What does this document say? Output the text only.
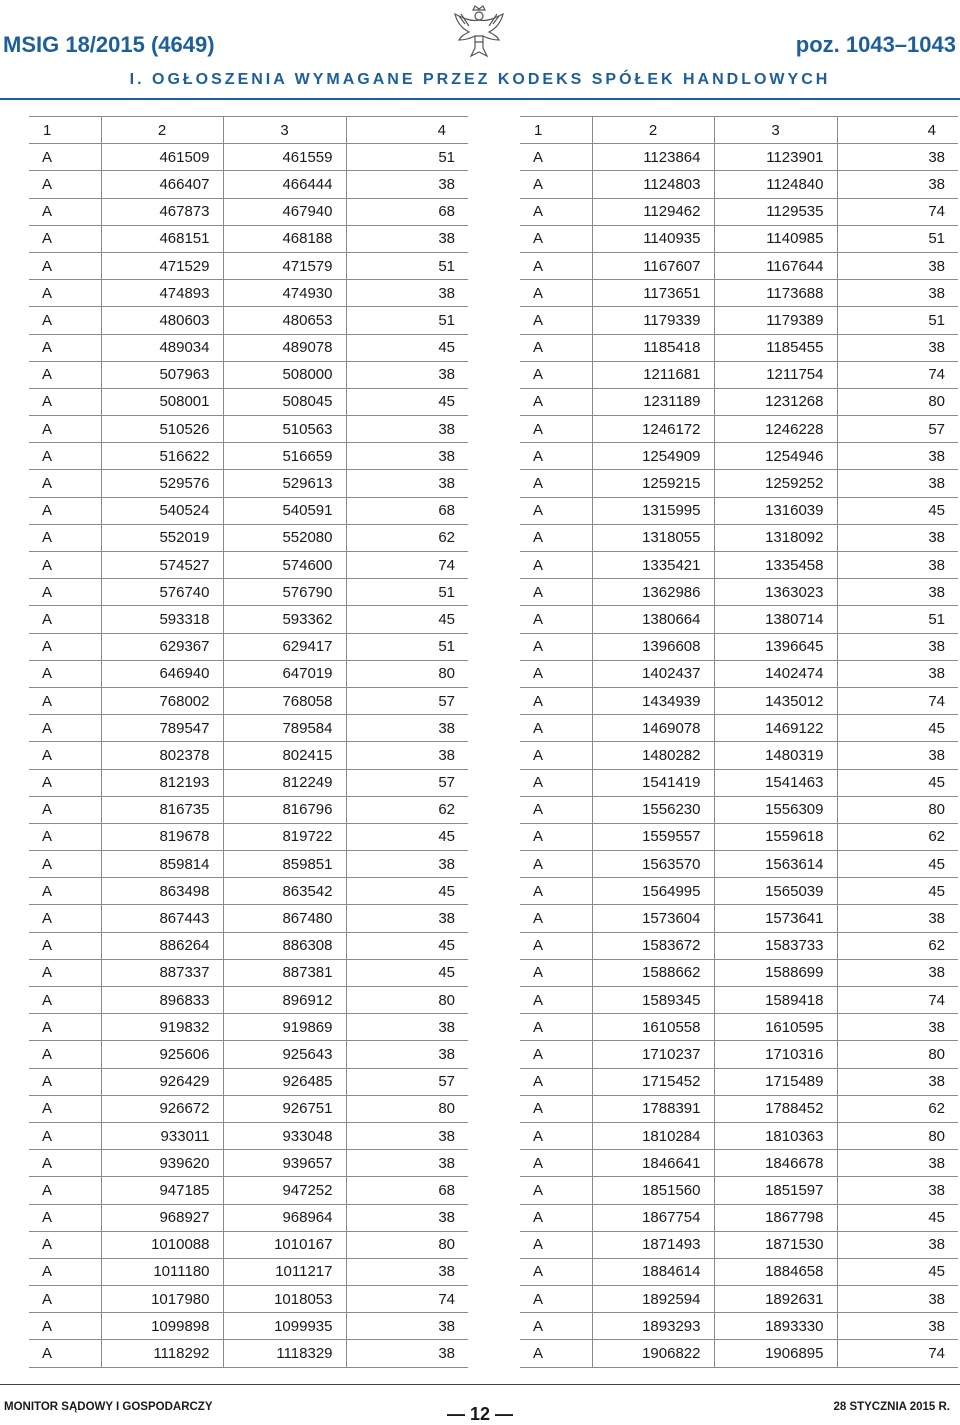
MSIG 18/2015 (4649)	poz. 1043–1043
I. OGŁOSZENIA WYMAGANE PRZEZ KODEKS SPÓŁEK HANDLOWYCH
1	2	3	4
A	461509	461559	51
A	466407	466444	38
A	467873	467940	68
A	468151	468188	38
A	471529	471579	51
A	474893	474930	38
A	480603	480653	51
A	489034	489078	45
A	507963	508000	38
A	508001	508045	45
A	510526	510563	38
A	516622	516659	38
A	529576	529613	38
A	540524	540591	68
A	552019	552080	62
A	574527	574600	74
A	576740	576790	51
A	593318	593362	45
A	629367	629417	51
A	646940	647019	80
A	768002	768058	57
A	789547	789584	38
A	802378	802415	38
A	812193	812249	57
A	816735	816796	62
A	819678	819722	45
A	859814	859851	38
A	863498	863542	45
A	867443	867480	38
A	886264	886308	45
A	887337	887381	45
A	896833	896912	80
A	919832	919869	38
A	925606	925643	38
A	926429	926485	57
A	926672	926751	80
A	933011	933048	38
A	939620	939657	38
A	947185	947252	68
A	968927	968964	38
A	1010088	1010167	80
A	1011180	1011217	38
A	1017980	1018053	74
A	1099898	1099935	38
A	1118292	1118329	38
1	2	3	4
A	1123864	1123901	38
A	1124803	1124840	38
A	1129462	1129535	74
A	1140935	1140985	51
A	1167607	1167644	38
A	1173651	1173688	38
A	1179339	1179389	51
A	1185418	1185455	38
A	1211681	1211754	74
A	1231189	1231268	80
A	1246172	1246228	57
A	1254909	1254946	38
A	1259215	1259252	38
A	1315995	1316039	45
A	1318055	1318092	38
A	1335421	1335458	38
A	1362986	1363023	38
A	1380664	1380714	51
A	1396608	1396645	38
A	1402437	1402474	38
A	1434939	1435012	74
A	1469078	1469122	45
A	1480282	1480319	38
A	1541419	1541463	45
A	1556230	1556309	80
A	1559557	1559618	62
A	1563570	1563614	45
A	1564995	1565039	45
A	1573604	1573641	38
A	1583672	1583733	62
A	1588662	1588699	38
A	1589345	1589418	74
A	1610558	1610595	38
A	1710237	1710316	80
A	1715452	1715489	38
A	1788391	1788452	62
A	1810284	1810363	80
A	1846641	1846678	38
A	1851560	1851597	38
A	1867754	1867798	45
A	1871493	1871530	38
A	1884614	1884658	45
A	1892594	1892631	38
A	1893293	1893330	38
A	1906822	1906895	74
MONITOR SĄDOWY I GOSPODARCZY	— 12 —	28 STYCZNIA 2015 R.
